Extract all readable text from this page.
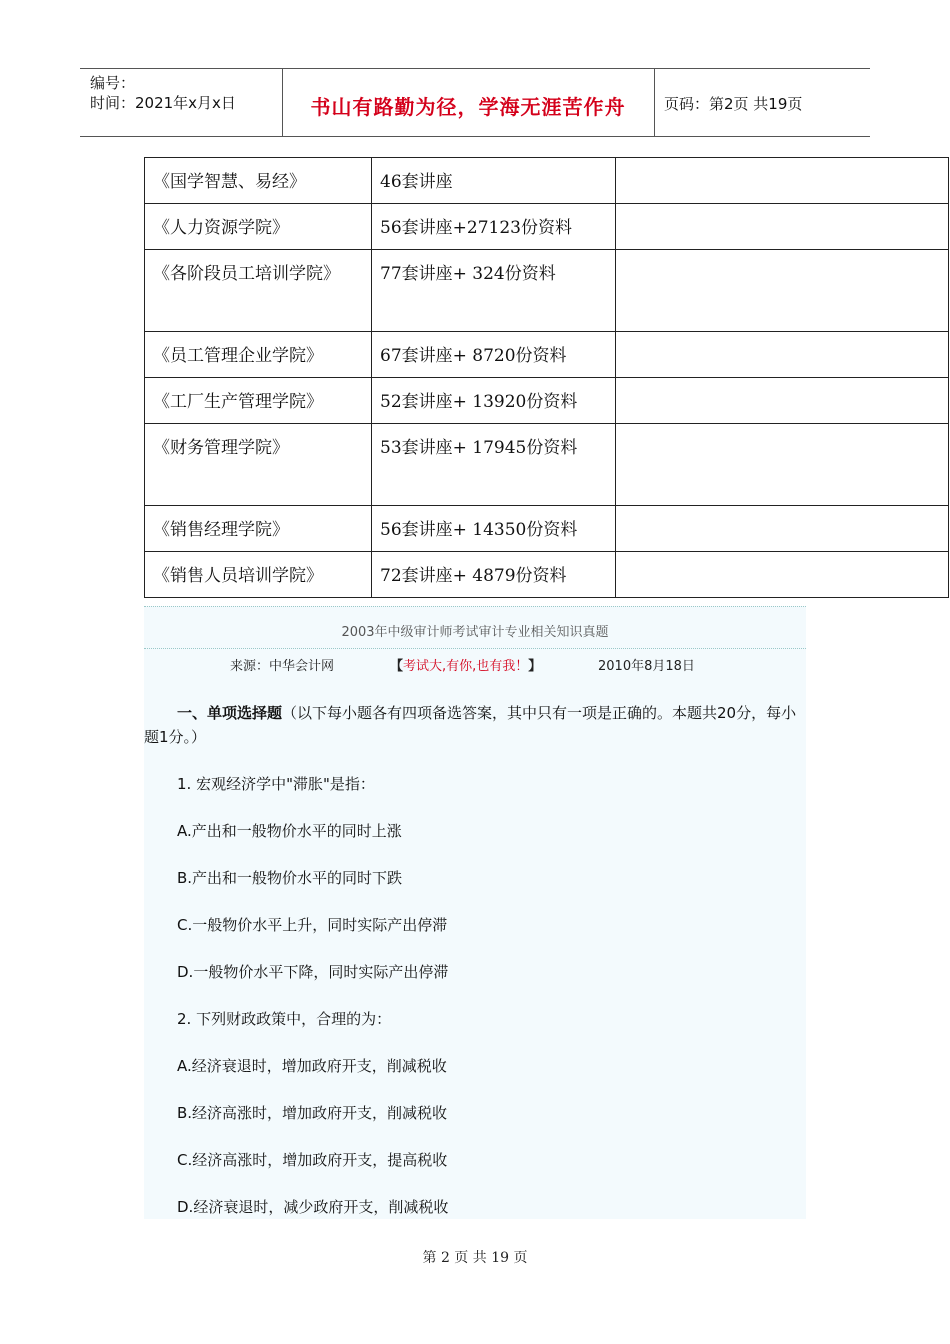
编号：
时间：2021年x月x日	书山有路勤为径，学海无涯苦作舟	页码：第2页 共19页
《国学智慧、易经》	46套讲座	
《人力资源学院》	56套讲座+27123份资料	
《各阶段员工培训学院》	77套讲座+ 324份资料	
《员工管理企业学院》	67套讲座+ 8720份资料	
《工厂生产管理学院》	52套讲座+ 13920份资料	
《财务管理学院》	53套讲座+ 17945份资料	
《销售经理学院》	56套讲座+ 14350份资料	
《销售人员培训学院》	72套讲座+ 4879份资料	
2003年中级审计师考试审计专业相关知识真题
来源：中华会计网	【考试大,有你,也有我！】	2010年8月18日
一、单项选择题（以下每小题各有四项备选答案，其中只有一项是正确的。本题共20分，每小题1分。）
1. 宏观经济学中"滞胀"是指：
A.产出和一般物价水平的同时上涨
B.产出和一般物价水平的同时下跌
C.一般物价水平上升，同时实际产出停滞
D.一般物价水平下降，同时实际产出停滞
2. 下列财政政策中，合理的为：
A.经济衰退时，增加政府开支，削减税收
B.经济高涨时，增加政府开支，削减税收
C.经济高涨时，增加政府开支，提高税收
D.经济衰退时，减少政府开支，削减税收
第 2 页 共 19 页
